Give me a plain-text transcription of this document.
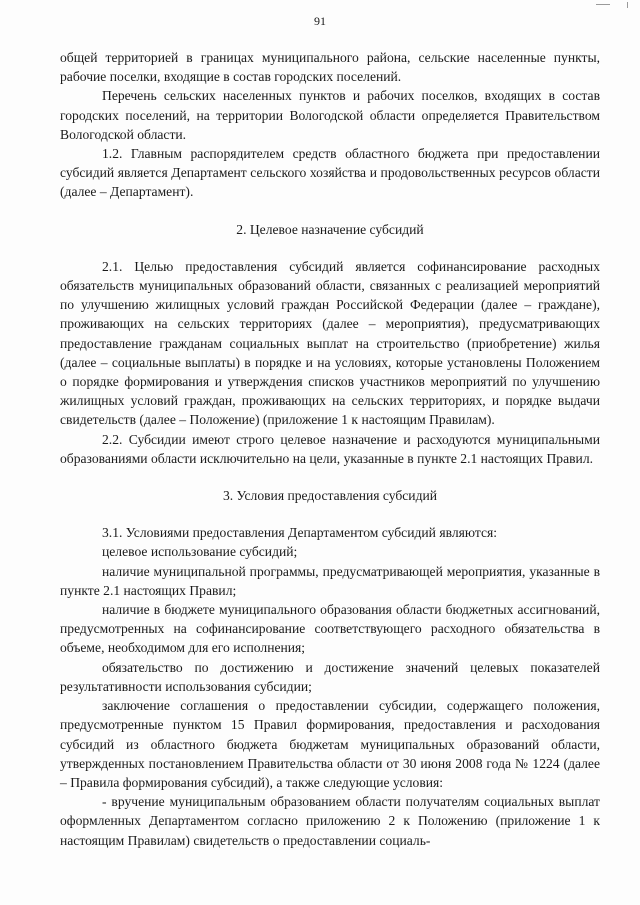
91

общей территорией в границах муниципального района, сельские населенные пункты, рабочие поселки, входящие в состав городских поселений.

Перечень сельских населенных пунктов и рабочих поселков, входящих в состав городских поселений, на территории Вологодской области определяется Правительством Вологодской области.

1.2. Главным распорядителем средств областного бюджета при предоставлении субсидий является Департамент сельского хозяйства и продовольственных ресурсов области (далее – Департамент).

2. Целевое назначение субсидий

2.1. Целью предоставления субсидий является софинансирование расходных обязательств муниципальных образований области, связанных с реализацией мероприятий по улучшению жилищных условий граждан Российской Федерации (далее – граждане), проживающих на сельских территориях (далее – мероприятия), предусматривающих предоставление гражданам социальных выплат на строительство (приобретение) жилья (далее – социальные выплаты) в порядке и на условиях, которые установлены Положением о порядке формирования и утверждения списков участников мероприятий по улучшению жилищных условий граждан, проживающих на сельских территориях, и порядке выдачи свидетельств (далее – Положение) (приложение 1 к настоящим Правилам).

2.2. Субсидии имеют строго целевое назначение и расходуются муниципальными образованиями области исключительно на цели, указанные в пункте 2.1 настоящих Правил.

3. Условия предоставления субсидий

3.1. Условиями предоставления Департаментом субсидий являются:

целевое использование субсидий;

наличие муниципальной программы, предусматривающей мероприятия, указанные в пункте 2.1 настоящих Правил;

наличие в бюджете муниципального образования области бюджетных ассигнований, предусмотренных на софинансирование соответствующего расходного обязательства в объеме, необходимом для его исполнения;

обязательство по достижению и достижение значений целевых показателей результативности использования субсидии;

заключение соглашения о предоставлении субсидии, содержащего положения, предусмотренные пунктом 15 Правил формирования, предоставления и расходования субсидий из областного бюджета бюджетам муниципальных образований области, утвержденных постановлением Правительства области от 30 июня 2008 года № 1224 (далее – Правила формирования субсидий), а также следующие условия:

- вручение муниципальным образованием области получателям социальных выплат оформленных Департаментом согласно приложению 2 к Положению (приложение 1 к настоящим Правилам) свидетельств о предоставлении социаль-
